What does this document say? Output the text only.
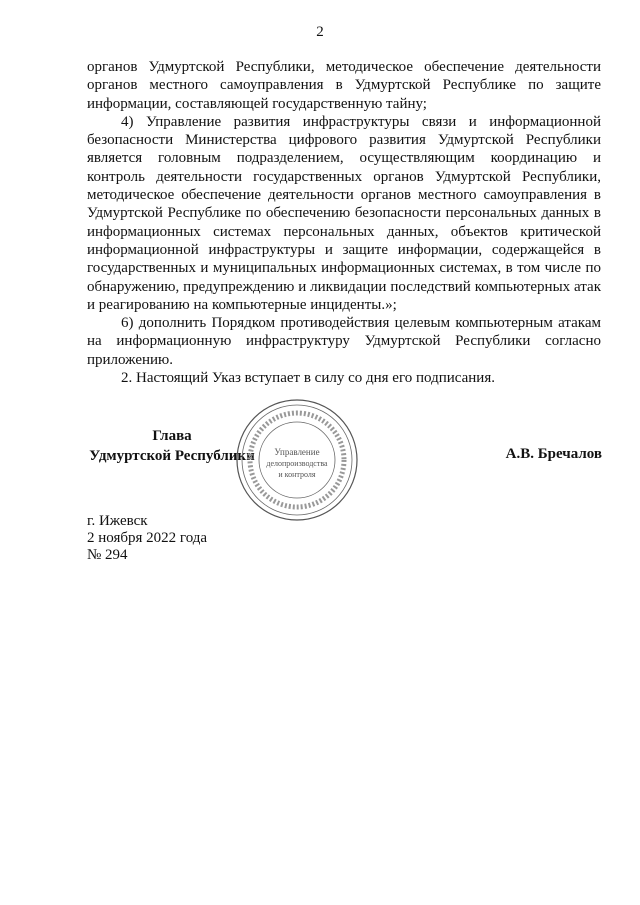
2

органов Удмуртской Республики, методическое обеспечение деятельности органов местного самоуправления в Удмуртской Республике по защите информации, составляющей государственную тайну;

4) Управление развития инфраструктуры связи и информационной безопасности Министерства цифрового развития Удмуртской Республики является головным подразделением, осуществляющим координацию и контроль деятельности государственных органов Удмуртской Республики, методическое обеспечение деятельности органов местного самоуправления в Удмуртской Республике по обеспечению безопасности персональных данных в информационных системах персональных данных, объектов критической информационной инфраструктуры и защите информации, содержащейся в государственных и муниципальных информационных системах, в том числе по обнаружению, предупреждению и ликвидации последствий компьютерных атак и реагированию на компьютерные инциденты.»;

6) дополнить Порядком противодействия целевым компьютерным атакам на информационную инфраструктуру Удмуртской Республики согласно приложению.

2. Настоящий Указ вступает в силу со дня его подписания.

Глава
Удмуртской Республики Управление
делопроизводства
и контроля
А.В. Бречалов
г. Ижевск
2 ноября 2022 года
№ 294
